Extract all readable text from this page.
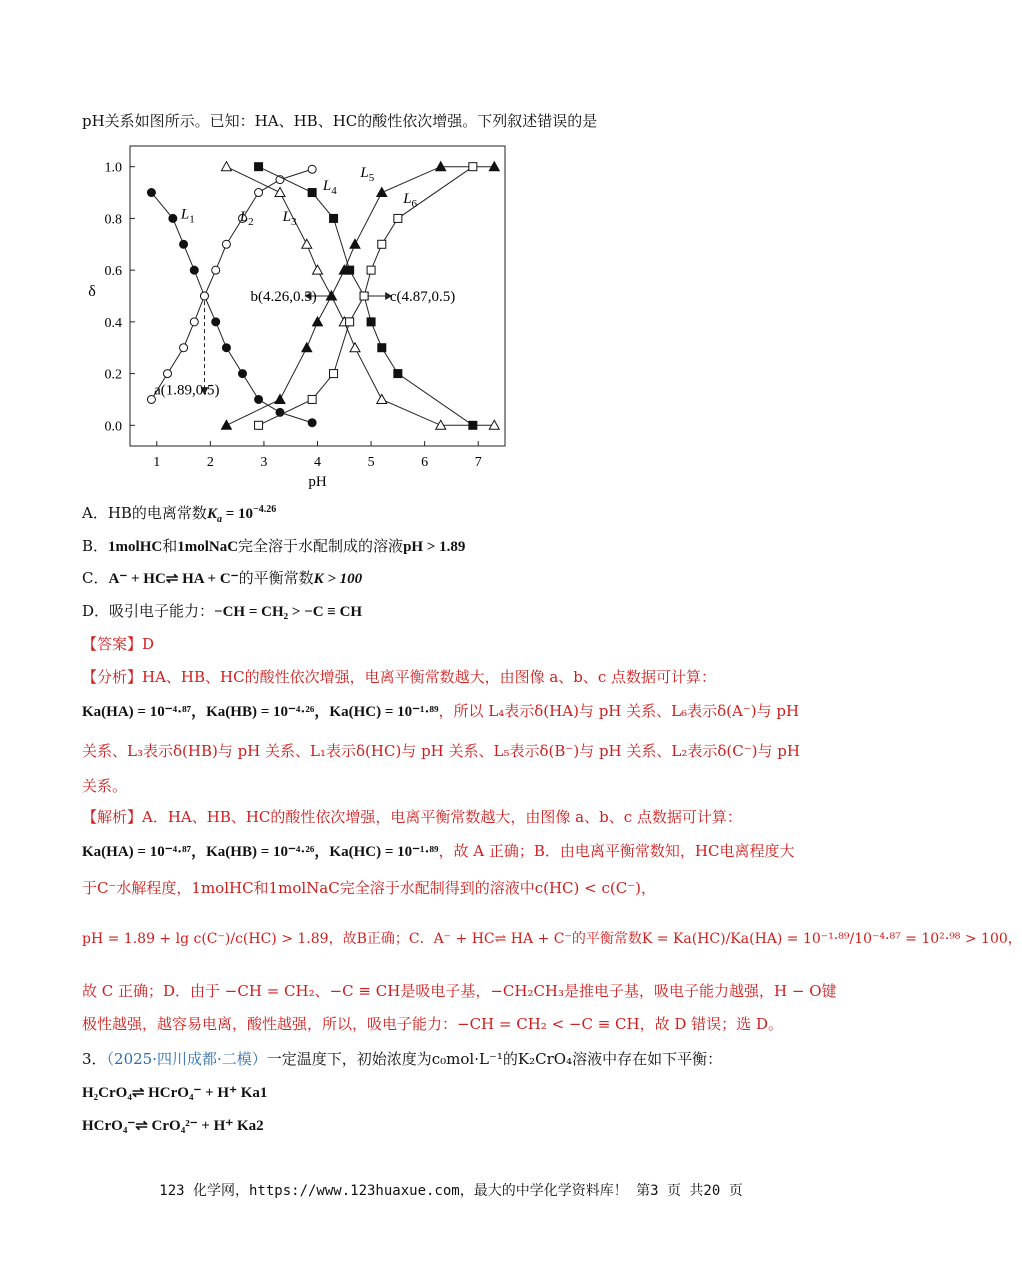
pH关系如图所示。已知：HA、HB、HC的酸性依次增强。下列叙述错误的是
1	2	3	4	5	6	7
0.0
0.2
0.4
0.6
0.8
1.0
pH
δ
$L_1$	$L_2$ $L_3$
$L_4$
$L_5$
$L_6$
a(1.89,0.5)
b(4.26,0.5)	c(4.87,0.5)
A．HB的电离常数$K_a = 10^{-4.26}$
B．1molHC和1molNaC完全溶于水配制成的溶液pH > 1.89
C．A⁻ + HC⇌ HA + C⁻的平衡常数K > 100
D．吸引电子能力：−CH = CH₂ > −C ≡ CH
【答案】D
【分析】HA、HB、HC的酸性依次增强，电离平衡常数越大，由图像 a、b、c 点数据可计算：
Ka(HA) = 10⁻⁴·⁸⁷，Ka(HB) = 10⁻⁴·²⁶，Ka(HC) = 10⁻¹·⁸⁹，所以 L₄表示δ(HA)与 pH 关系、L₆表示δ(A⁻)与 pH
关系、L₃表示δ(HB)与 pH 关系、L₁表示δ(HC)与 pH 关系、L₅表示δ(B⁻)与 pH 关系、L₂表示δ(C⁻)与 pH
关系。
【解析】A．HA、HB、HC的酸性依次增强，电离平衡常数越大，由图像 a、b、c 点数据可计算：
Ka(HA) = 10⁻⁴·⁸⁷，Ka(HB) = 10⁻⁴·²⁶，Ka(HC) = 10⁻¹·⁸⁹，故 A 正确；B．由电离平衡常数知，HC电离程度大
于C⁻水解程度，1molHC和1molNaC完全溶于水配制得到的溶液中c(HC) < c(C⁻)，
pH = 1.89 + lg c(C⁻)/c(HC) > 1.89，故B正确；C．A⁻ + HC⇌ HA + C⁻的平衡常数K = Ka(HC)/Ka(HA) = 10⁻¹·⁸⁹/10⁻⁴·⁸⁷ = 10²·⁹⁸ > 100，
故 C 正确；D．由于 −CH = CH₂、−C ≡ CH是吸电子基，−CH₂CH₃是推电子基，吸电子能力越强，H − O键
极性越强，越容易电离，酸性越强，所以，吸电子能力：−CH = CH₂ < −C ≡ CH，故 D 错误；选 D。
3．（2025·四川成都·二模）一定温度下，初始浓度为c₀mol·L⁻¹的K₂CrO₄溶液中存在如下平衡：
H₂CrO₄⇌ HCrO₄⁻ + H⁺ Ka1
HCrO₄⁻⇌ CrO₄²⁻ + H⁺ Ka2
123 化学网，https://www.123huaxue.com，最大的中学化学资料库！ 第3 页 共20 页
